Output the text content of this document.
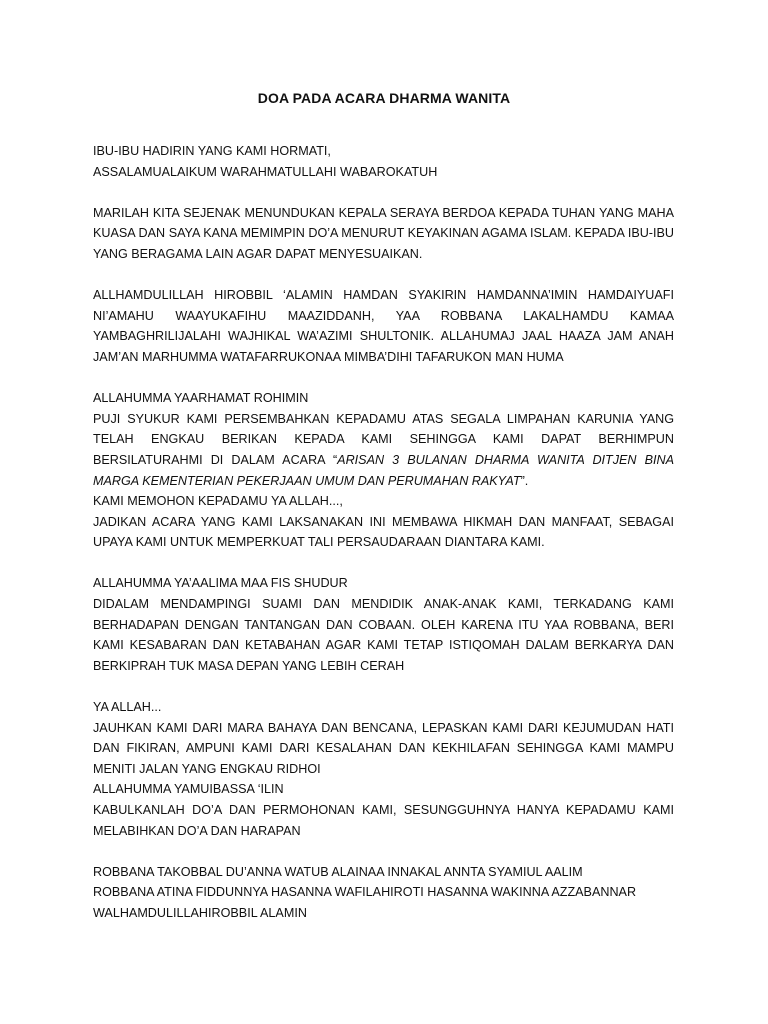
DOA PADA ACARA DHARMA WANITA
IBU-IBU HADIRIN YANG KAMI HORMATI,
ASSALAMUALAIKUM WARAHMATULLAHI WABAROKATUH
MARILAH KITA SEJENAK MENUNDUKAN KEPALA SERAYA BERDOA KEPADA TUHAN YANG MAHA KUASA DAN SAYA KANA MEMIMPIN DO’A MENURUT KEYAKINAN AGAMA ISLAM. KEPADA IBU-IBU YANG BERAGAMA LAIN AGAR DAPAT MENYESUAIKAN.
ALLHAMDULILLAH HIROBBIL ‘ALAMIN HAMDAN SYAKIRIN HAMDANNA’IMIN HAMDAIYUAFI NI’AMAHU WAAYUKAFIHU MAAZIDDANH, YAA ROBBANA LAKALHAMDU KAMAA YAMBAGHRILIJALAHI WAJHIKAL WA’AZIMI SHULTONIK. ALLAHUMAJ JAAL HAAZA JAM ANAH JAM’AN MARHUMMA WATAFARRUKONAA MIMBA’DIHI TAFARUKON MAN HUMA
ALLAHUMMA YAARHAMAT ROHIMIN
PUJI SYUKUR KAMI PERSEMBAHKAN KEPADAMU ATAS SEGALA LIMPAHAN KARUNIA YANG TELAH ENGKAU BERIKAN KEPADA KAMI SEHINGGA KAMI DAPAT BERHIMPUN BERSILATURAHMI DI DALAM ACARA “ARISAN 3 BULANAN DHARMA WANITA DITJEN BINA MARGA KEMENTERIAN PEKERJAAN UMUM DAN PERUMAHAN RAKYAT”.
KAMI MEMOHON KEPADAMU YA ALLAH...,
JADIKAN ACARA YANG KAMI LAKSANAKAN INI MEMBAWA HIKMAH DAN MANFAAT, SEBAGAI UPAYA KAMI UNTUK MEMPERKUAT TALI PERSAUDARAAN DIANTARA KAMI.
ALLAHUMMA YA’AALIMA MAA FIS SHUDUR
DIDALAM MENDAMPINGI SUAMI DAN MENDIDIK ANAK-ANAK KAMI, TERKADANG KAMI BERHADAPAN DENGAN TANTANGAN DAN COBAAN. OLEH KARENA ITU YAA ROBBANA, BERI KAMI KESABARAN DAN KETABAHAN AGAR KAMI TETAP ISTIQOMAH DALAM BERKARYA DAN BERKIPRAH TUK MASA DEPAN YANG LEBIH CERAH
YA ALLAH...
JAUHKAN KAMI DARI MARA BAHAYA DAN BENCANA, LEPASKAN KAMI DARI KEJUMUDAN HATI DAN FIKIRAN, AMPUNI KAMI DARI KESALAHAN DAN KEKHILAFAN SEHINGGA KAMI MAMPU MENITI JALAN YANG ENGKAU RIDHOI
ALLAHUMMA YAMUIBASSA ‘ILIN
KABULKANLAH DO’A DAN PERMOHONAN KAMI, SESUNGGUHNYA HANYA KEPADAMU KAMI MELABIHKAN DO’A DAN HARAPAN
ROBBANA TAKOBBAL DU’ANNA WATUB ALAINAA INNAKAL ANNTA SYAMIUL AALIM
ROBBANA ATINA FIDDUNNYA HASANNA WAFILAHIROTI HASANNA WAKINNA AZZABANNAR
WALHAMDULILLAHIROBBIL ALAMIN
